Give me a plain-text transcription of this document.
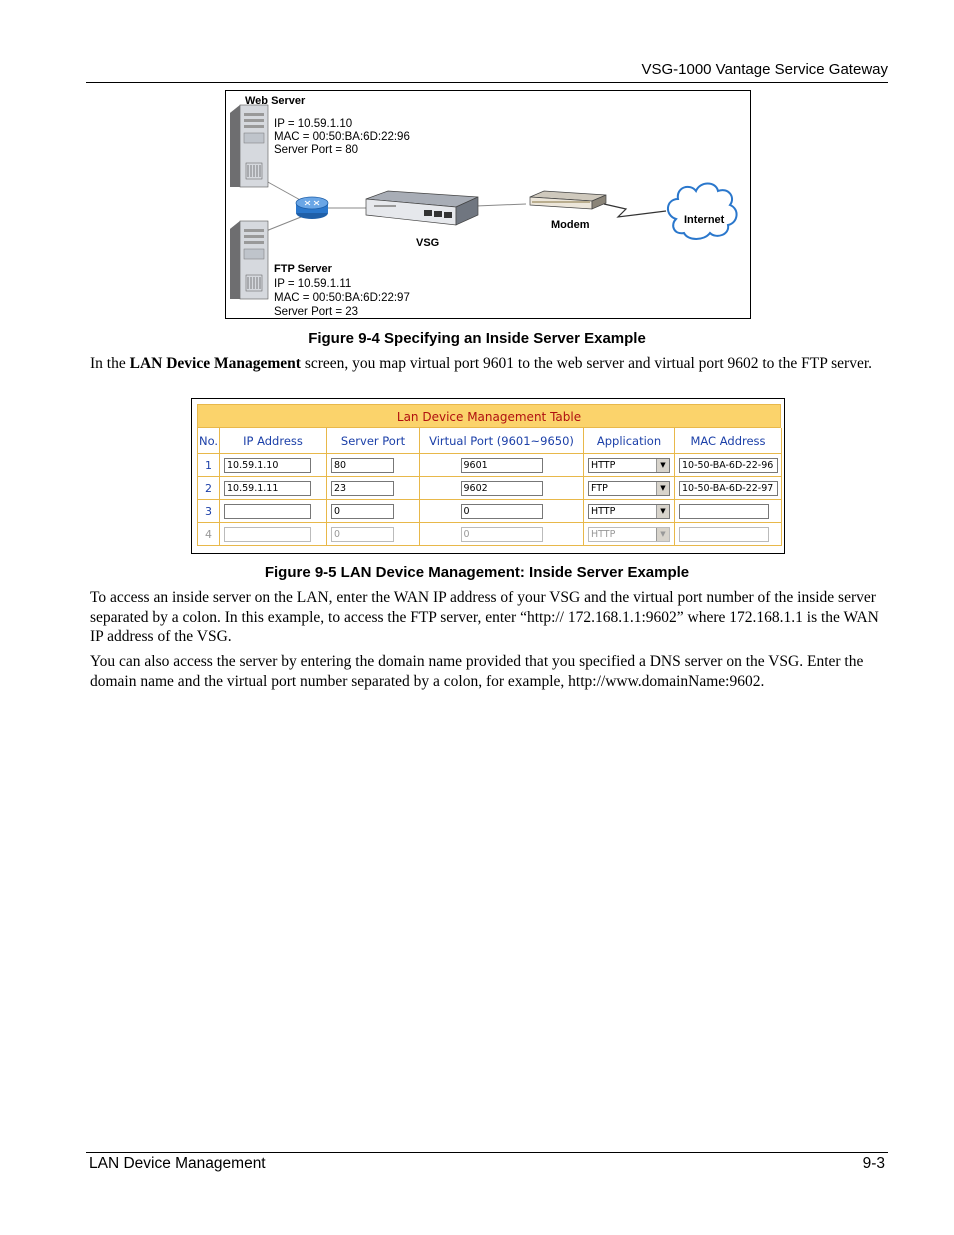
VSG-1000 Vantage Service Gateway
VSG
Modem	Internet
Web Server
IP = 10.59.1.10
MAC = 00:50:BA:6D:22:96
Server Port = 80
FTP Server
IP = 10.59.1.11
MAC = 00:50:BA:6D:22:97
Server Port = 23
Figure 9-4 Specifying an Inside Server Example

In the LAN Device Management screen, you map virtual port 9601 to the web server and virtual port 9602 to the FTP server.

Lan Device Management Table
No.	IP Address	Server Port	Virtual Port (9601~9650)	Application	MAC Address
1	10.59.1.10	80	9601	HTTP ▼	10-50-BA-6D-22-96
2	10.59.1.11	23	9602	FTP ▼	10-50-BA-6D-22-97
3		0	0	HTTP ▼	

4		0	0	HTTP ▼	

Figure 9-5 LAN Device Management: Inside Server Example

To access an inside server on the LAN, enter the WAN IP address of your VSG and the virtual port number of the inside server separated by a colon. In this example, to access the FTP server, enter “http:// 172.168.1.1:9602” where 172.168.1.1 is the WAN IP address of the VSG.

You can also access the server by entering the domain name provided that you specified a DNS server on the VSG. Enter the domain name and the virtual port number separated by a colon, for example, http://www.domainName:9602.

LAN Device Management	9-3
